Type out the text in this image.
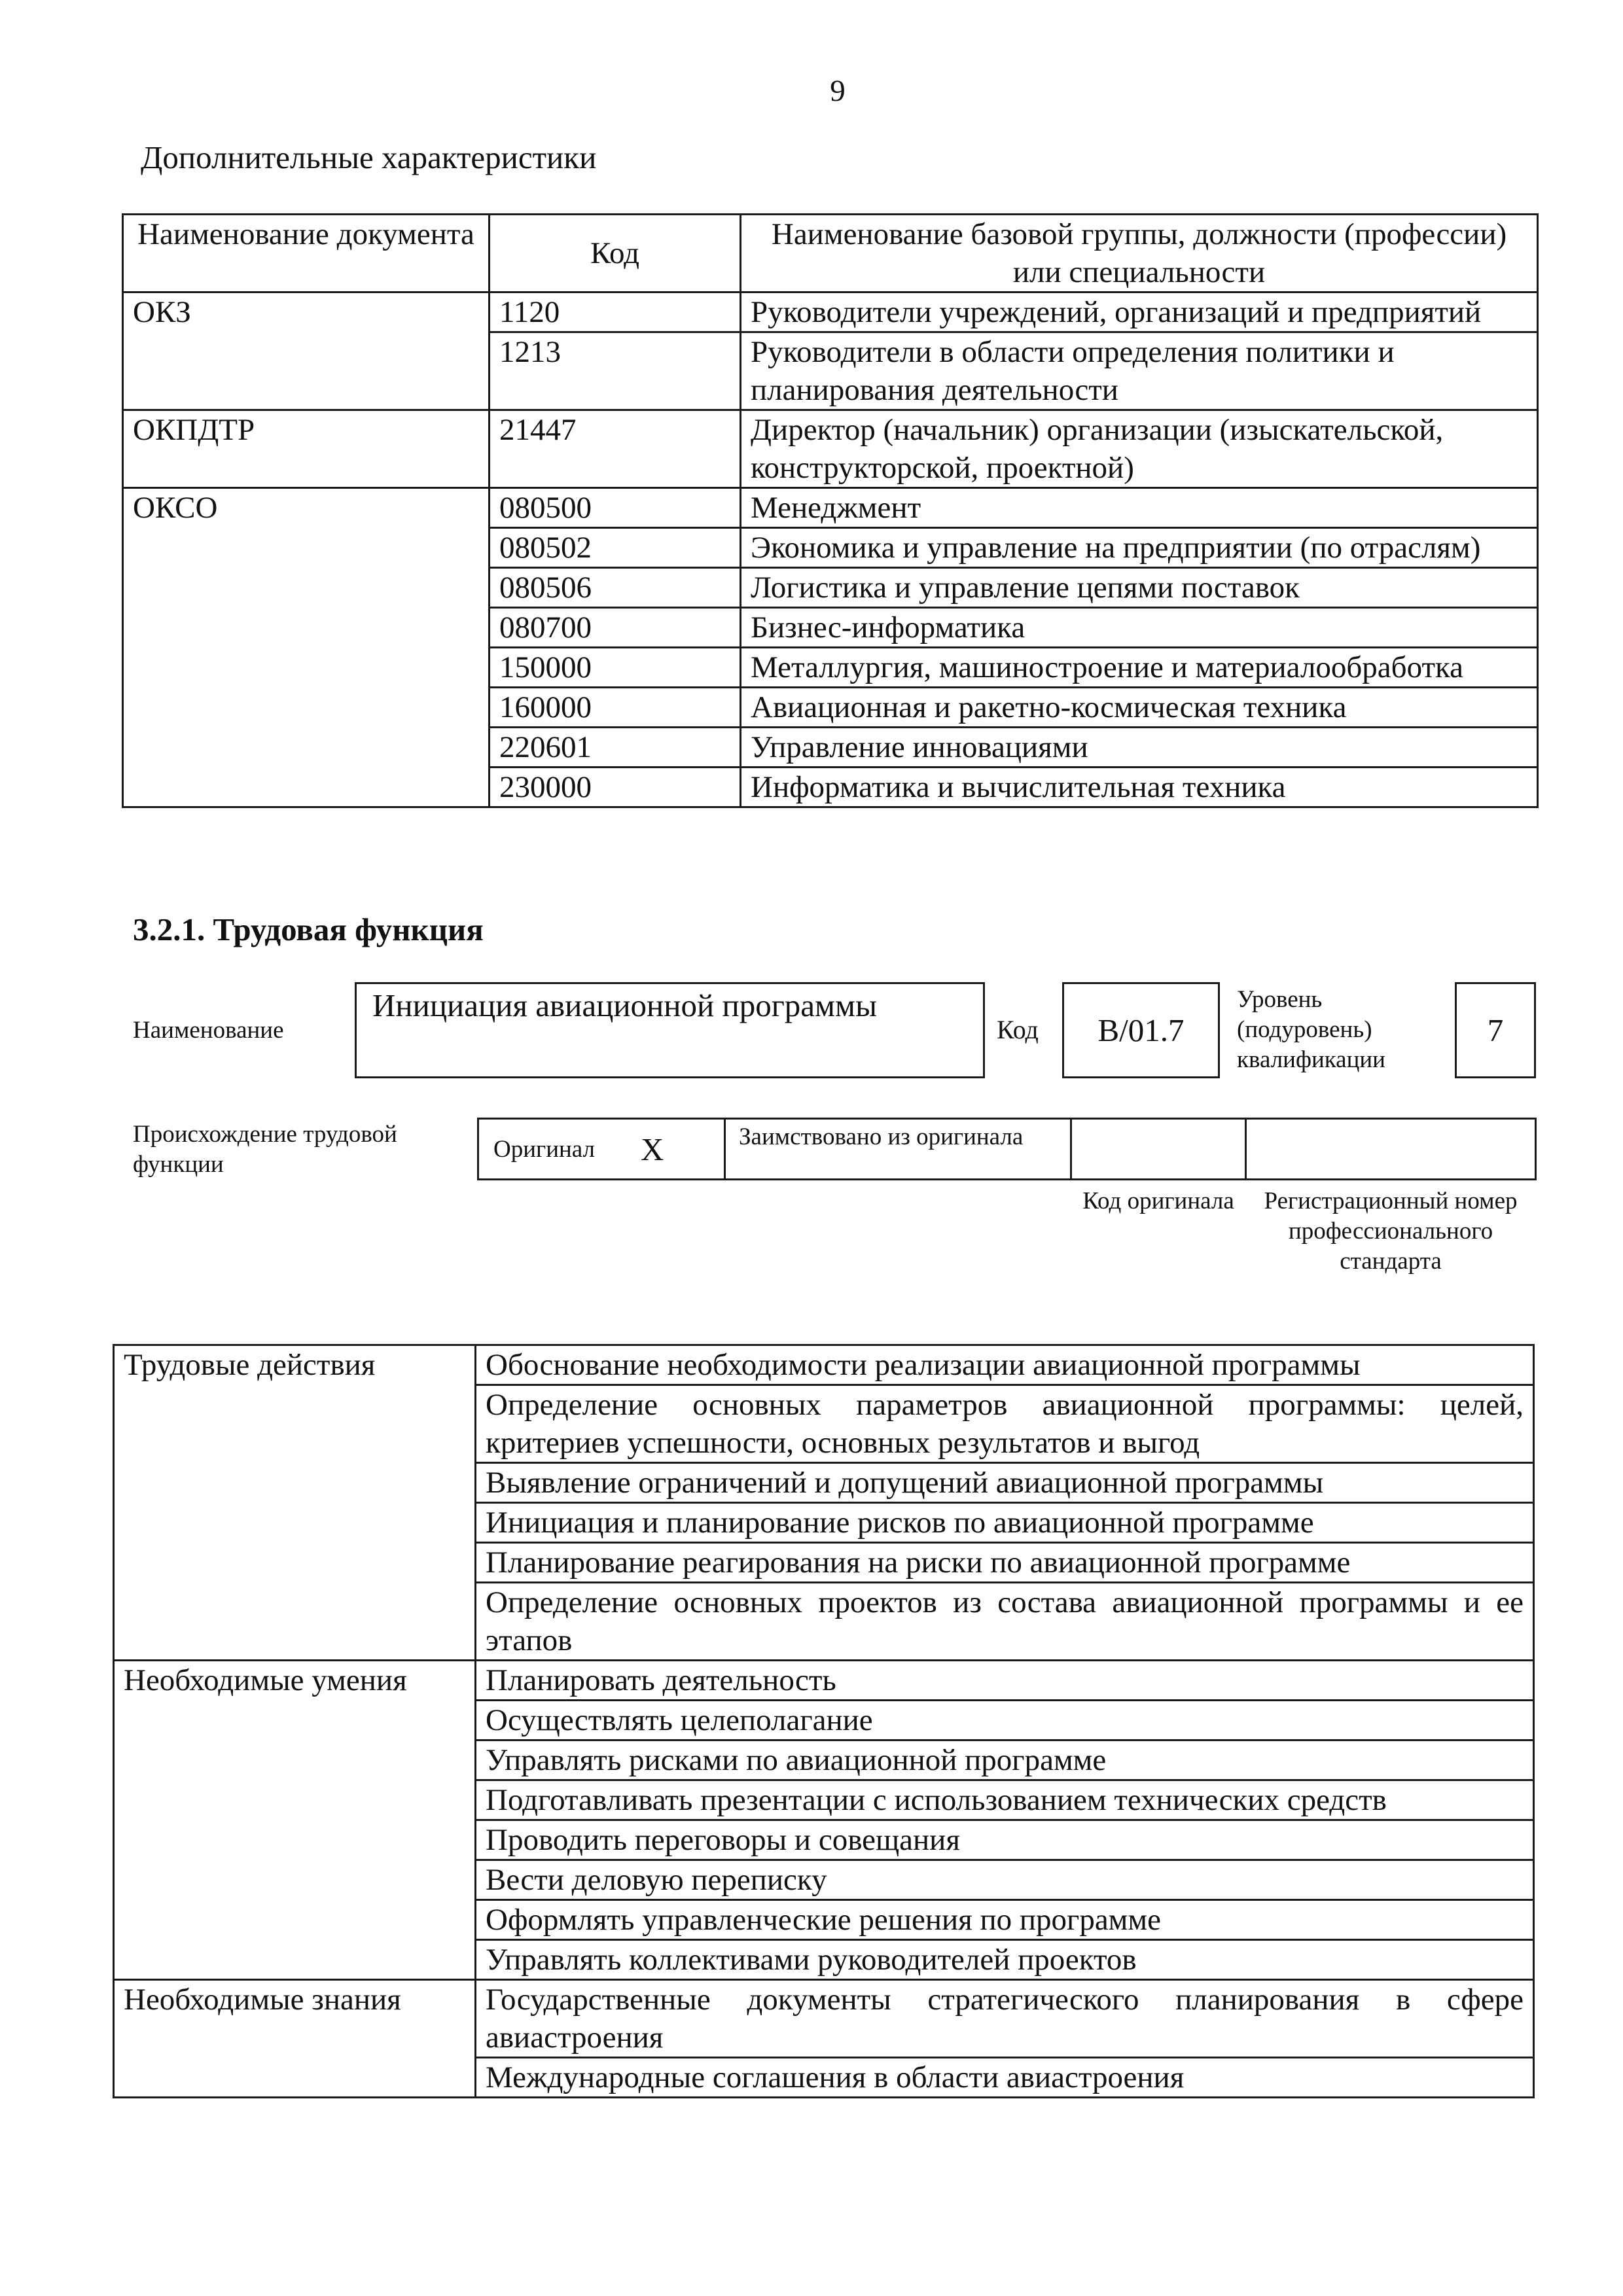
9
Дополнительные характеристики
Наименование документа	Код	Наименование базовой группы, должности (профессии) или специальности
ОКЗ	1120	Руководители учреждений, организаций и предприятий
	1213	Руководители в области определения политики и планирования деятельности
ОКПДТР	21447	Директор (начальник) организации (изыскательской, конструкторской, проектной)
ОКСО	080500	Менеджмент
	080502	Экономика и управление на предприятии (по отраслям)
	080506	Логистика и управление цепями поставок
	080700	Бизнес-информатика
	150000	Металлургия, машиностроение и материалообработка
	160000	Авиационная и ракетно-космическая техника
	220601	Управление инновациями
	230000	Информатика и вычислительная техника
3.2.1. Трудовая функция
Наименование
Инициация авиационной программы
Код B/01.7
Уровень (подуровень) квалификации
7
Происхождение трудовой функции
Оригинал X	Заимствовано из оригинала
Код оригинала Регистрационный номер профессионального стандарта
Трудовые действия	Обоснование необходимости реализации авиационной программы
	Определение основных параметров авиационной программы: целей, критериев успешности, основных результатов и выгод
	Выявление ограничений и допущений авиационной программы
	Инициация и планирование рисков по авиационной программе
	Планирование реагирования на риски по авиационной программе
	Определение основных проектов из состава авиационной программы и ее этапов
Необходимые умения	Планировать деятельность
	Осуществлять целеполагание
	Управлять рисками по авиационной программе
	Подготавливать презентации с использованием технических средств
	Проводить переговоры и совещания
	Вести деловую переписку
	Оформлять управленческие решения по программе
	Управлять коллективами руководителей проектов
Необходимые знания	Государственные документы стратегического планирования в сфере авиастроения
	Международные соглашения в области авиастроения
